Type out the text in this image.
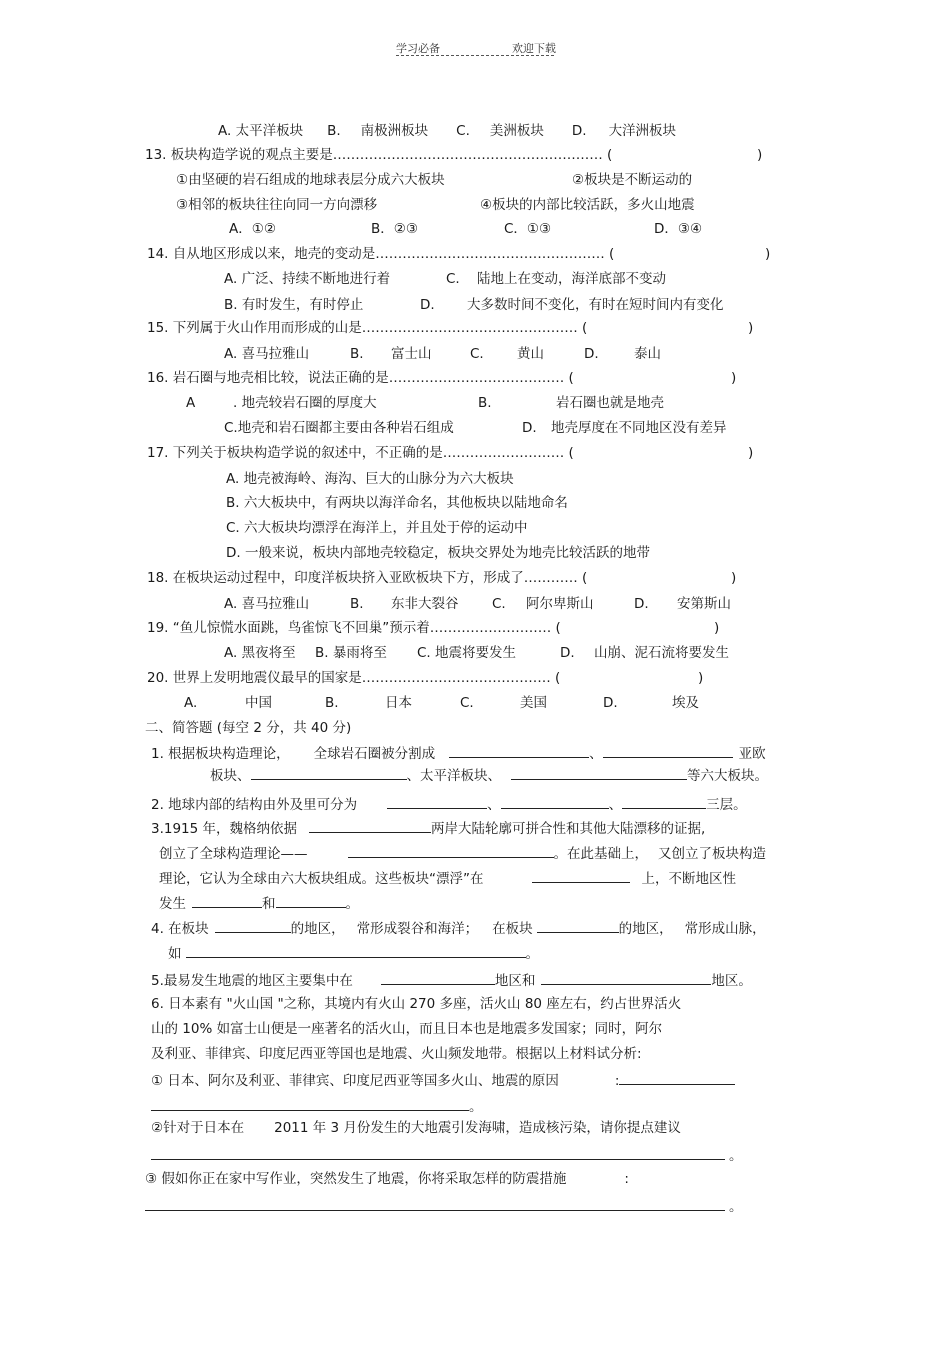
学习必备	欢迎下载
A. 太平洋板块 B. 南极洲板块 C. 美洲板块 D. 大洋洲板块
13. 板块构造学说的观点主要是…………………………………………………… (	)
①由坚硬的岩石组成的地球表层分成六大板块	②板块是不断运动的
③相邻的板块往往向同一方向漂移	④板块的内部比较活跃，多火山地震
A．①②	B．②③	C．①③	D．③④
14. 自从地区形成以来，地壳的变动是…………………………………………… (	)
A. 广泛、持续不断地进行着	C. 陆地上在变动，海洋底部不变动
B. 有时发生，有时停止	D. 大多数时间不变化，有时在短时间内有变化
15. 下列属于火山作用而形成的山是………………………………………… (	)
A. 喜马拉雅山	B. 富士山	C. 黄山	D.	泰山
16. 岩石圈与地壳相比较，说法正确的是………………………………… (	)
A	. 地壳较岩石圈的厚度大	B.	岩石圈也就是地壳
C.地壳和岩石圈都主要由各种岩石组成	D. 地壳厚度在不同地区没有差异
17. 下列关于板块构造学说的叙述中，不正确的是……………………… (	)
A. 地壳被海岭、海沟、巨大的山脉分为六大板块
B. 六大板块中，有两块以海洋命名，其他板块以陆地命名
C. 六大板块均漂浮在海洋上，并且处于停的运动中
D. 一般来说，板块内部地壳较稳定，板块交界处为地壳比较活跃的地带
18. 在板块运动过程中，印度洋板块挤入亚欧板块下方，形成了………… (	)
A. 喜马拉雅山	B. 东非大裂谷 C. 阿尔卑斯山	D. 安第斯山
19. “鱼儿惊慌水面跳，鸟雀惊飞不回巢”预示着……………………… (	)
A. 黑夜将至 B. 暴雨将至 C. 地震将要发生	D. 山崩、泥石流将要发生
20. 世界上发明地震仪最早的国家是…………………………………… (	)
A.	中国	B.	日本	C.	美国	D.	埃及
二、简答题 (每空 2 分，共 40 分)
1. 根据板块构造理论， 全球岩石圈被分割成	、	亚欧
板块、	、太平洋板块、	等六大板块。
2. 地球内部的结构由外及里可分为	、	、	三层。
3.1915 年，魏格纳依据	两岸大陆轮廓可拼合性和其他大陆漂移的证据,
创立了全球构造理论——	。在此基础上， 又创立了板块构造
理论，它认为全球由六大板块组成。这些板块“漂浮”在	上，不断地区性
发生	和	。
4. 在板块	的地区， 常形成裂谷和海洋； 在板块	的地区， 常形成山脉，
如	。
5.最易发生地震的地区主要集中在	地区和	地区。
6. 日本素有 "火山国 "之称，其境内有火山 270 多座，活火山 80 座左右，约占世界活火
山的 10% 如富士山便是一座著名的活火山，而且日本也是地震多发国家；同时，阿尔
及利亚、菲律宾、印度尼西亚等国也是地震、火山频发地带。根据以上材料试分析:
① 日本、阿尔及利亚、菲律宾、印度尼西亚等国多火山、地震的原因	:
。
②针对于日本在 2011 年 3 月份发生的大地震引发海啸，造成核污染，请你提点建议
。
③ 假如你正在家中写作业，突然发生了地震，你将采取怎样的防震措施	:
。
